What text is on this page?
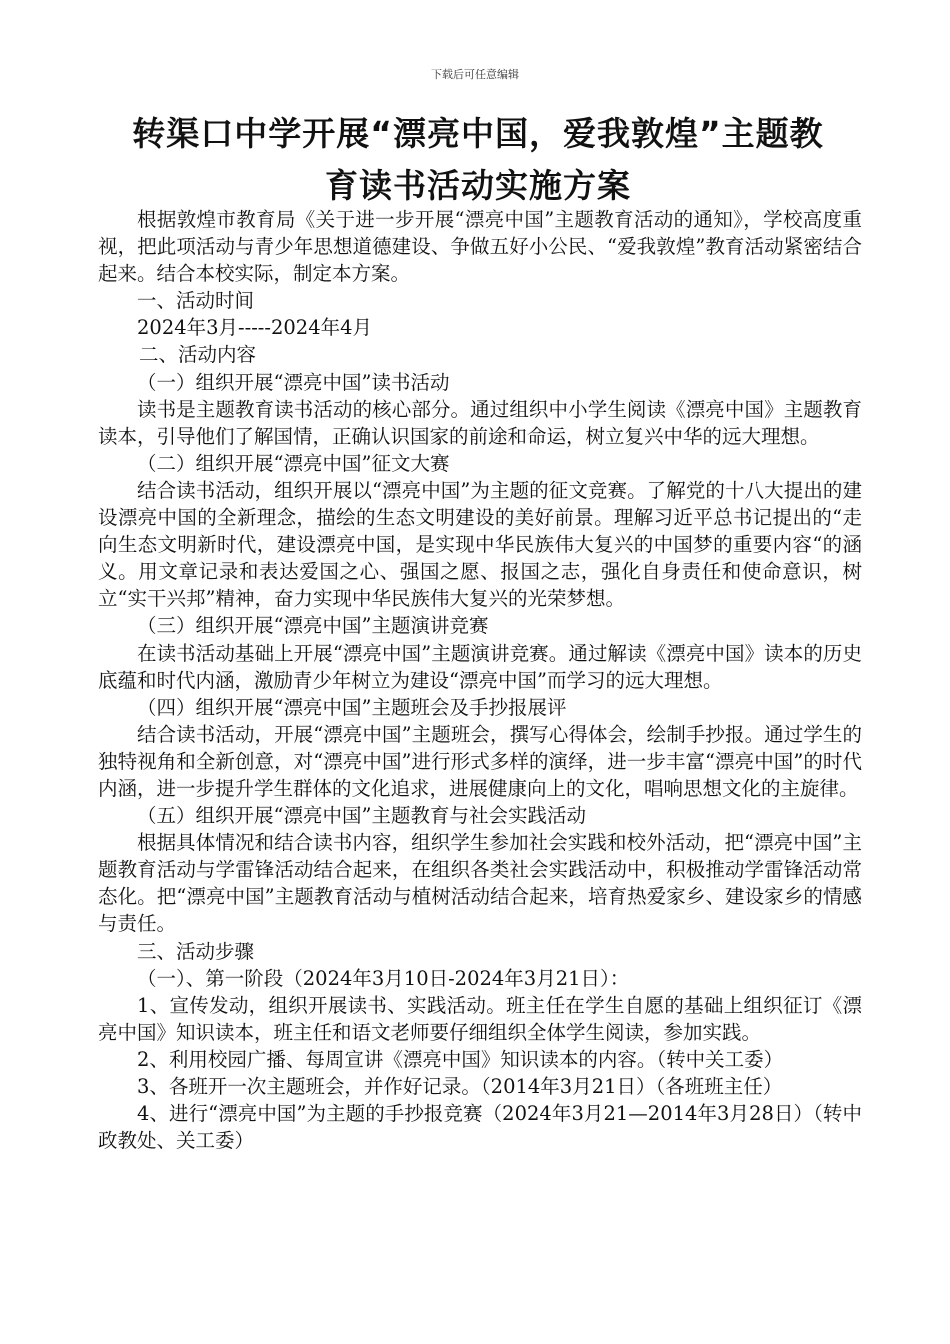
下载后可任意编辑
转渠口中学开展“漂亮中国，爱我敦煌”主题教
育读书活动实施方案

根据敦煌市教育局《关于进一步开展“漂亮中国”主题教育活动的通知》，学校高度重视，把此项活动与青少年思想道德建设、争做五好小公民、“爱我敦煌”教育活动紧密结合起来。结合本校实际，制定本方案。

一、活动时间

2024年3月-----2024年4月

二、活动内容

（一）组织开展“漂亮中国”读书活动

读书是主题教育读书活动的核心部分。通过组织中小学生阅读《漂亮中国》主题教育读本，引导他们了解国情，正确认识国家的前途和命运，树立复兴中华的远大理想。

（二）组织开展“漂亮中国”征文大赛

结合读书活动，组织开展以“漂亮中国”为主题的征文竞赛。了解党的十八大提出的建设漂亮中国的全新理念，描绘的生态文明建设的美好前景。理解习近平总书记提出的“走向生态文明新时代，建设漂亮中国，是实现中华民族伟大复兴的中国梦的重要内容“的涵义。用文章记录和表达爱国之心、强国之愿、报国之志，强化自身责任和使命意识，树立“实干兴邦”精神，奋力实现中华民族伟大复兴的光荣梦想。

（三）组织开展“漂亮中国”主题演讲竞赛

在读书活动基础上开展“漂亮中国”主题演讲竞赛。通过解读《漂亮中国》读本的历史底蕴和时代内涵，激励青少年树立为建设“漂亮中国”而学习的远大理想。

（四）组织开展“漂亮中国”主题班会及手抄报展评

结合读书活动，开展“漂亮中国”主题班会，撰写心得体会，绘制手抄报。通过学生的独特视角和全新创意，对“漂亮中国”进行形式多样的演绎，进一步丰富“漂亮中国”的时代内涵，进一步提升学生群体的文化追求，进展健康向上的文化，唱响思想文化的主旋律。

（五）组织开展“漂亮中国”主题教育与社会实践活动

根据具体情况和结合读书内容，组织学生参加社会实践和校外活动，把“漂亮中国”主题教育活动与学雷锋活动结合起来，在组织各类社会实践活动中，积极推动学雷锋活动常态化。把“漂亮中国”主题教育活动与植树活动结合起来，培育热爱家乡、建设家乡的情感与责任。

三、活动步骤

（一）、第一阶段（2024年3月10日-2024年3月21日）：

1、宣传发动，组织开展读书、实践活动。班主任在学生自愿的基础上组织征订《漂亮中国》知识读本，班主任和语文老师要仔细组织全体学生阅读，参加实践。

2、利用校园广播、每周宣讲《漂亮中国》知识读本的内容。（转中关工委）

3、各班开一次主题班会，并作好记录。（2014年3月21日）（各班班主任）

4、进行“漂亮中国”为主题的手抄报竞赛（2024年3月21—2014年3月28日）（转中政教处、关工委）
